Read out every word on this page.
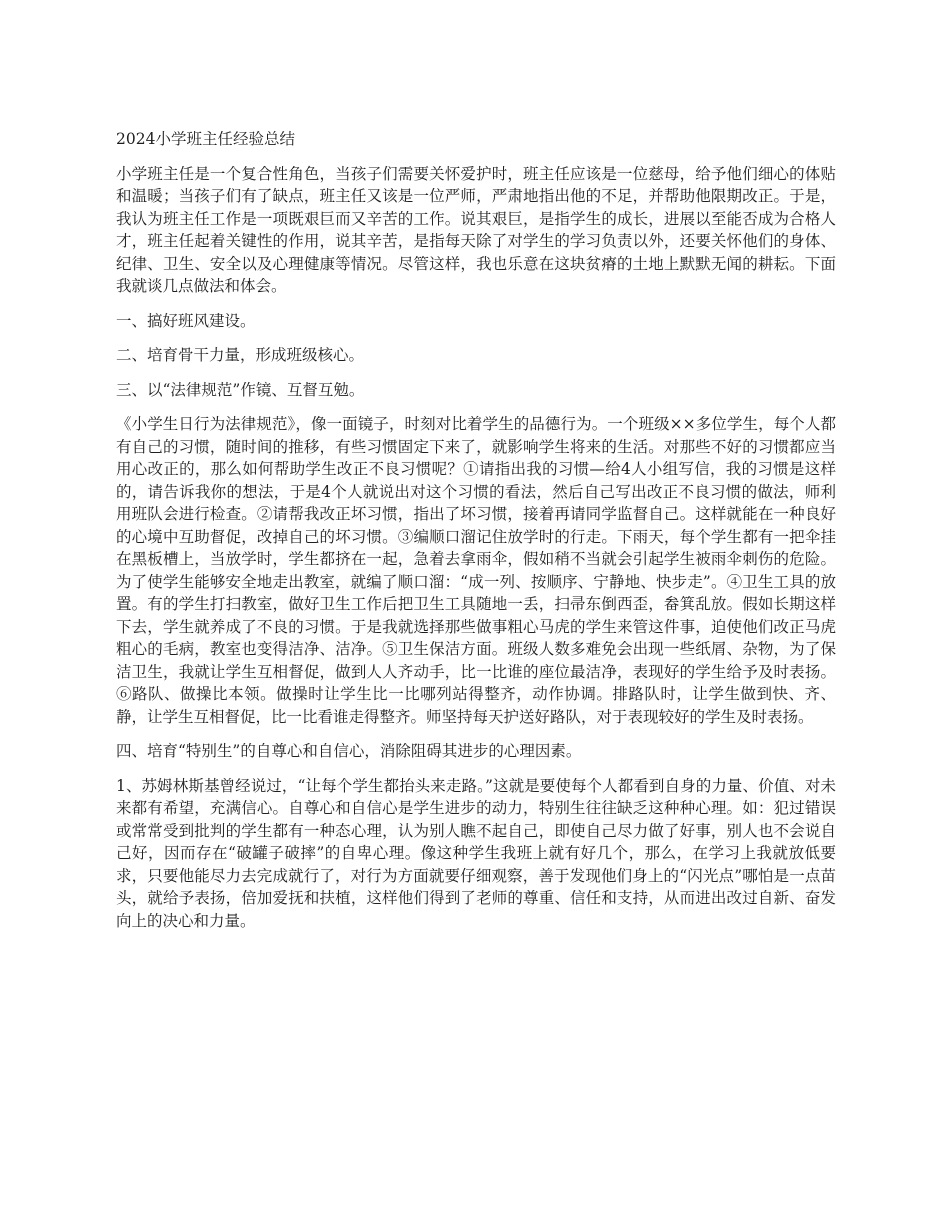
2024小学班主任经验总结

小学班主任是一个复合性角色，当孩子们需要关怀爱护时，班主任应该是一位慈母，给予他们细心的体贴和温暖；当孩子们有了缺点，班主任又该是一位严师，严肃地指出他的不足，并帮助他限期改正。于是，我认为班主任工作是一项既艰巨而又辛苦的工作。说其艰巨，是指学生的成长，进展以至能否成为合格人才，班主任起着关键性的作用，说其辛苦，是指每天除了对学生的学习负责以外，还要关怀他们的身体、纪律、卫生、安全以及心理健康等情况。尽管这样，我也乐意在这块贫瘠的土地上默默无闻的耕耘。下面我就谈几点做法和体会。

一、搞好班风建设。

二、培育骨干力量，形成班级核心。

三、以“法律规范”作镜、互督互勉。

《小学生日行为法律规范》，像一面镜子，时刻对比着学生的品德行为。一个班级××多位学生，每个人都有自己的习惯，随时间的推移，有些习惯固定下来了，就影响学生将来的生活。对那些不好的习惯都应当用心改正的，那么如何帮助学生改正不良习惯呢？①请指出我的习惯—给4人小组写信，我的习惯是这样的，请告诉我你的想法，于是4个人就说出对这个习惯的看法，然后自己写出改正不良习惯的做法，师利用班队会进行检查。②请帮我改正坏习惯，指出了坏习惯，接着再请同学监督自己。这样就能在一种良好的心境中互助督促，改掉自己的坏习惯。③编顺口溜记住放学时的行走。下雨天，每个学生都有一把伞挂在黑板槽上，当放学时，学生都挤在一起，急着去拿雨伞，假如稍不当就会引起学生被雨伞刺伤的危险。为了使学生能够安全地走出教室，就编了顺口溜：“成一列、按顺序、宁静地、快步走”。④卫生工具的放置。有的学生打扫教室，做好卫生工作后把卫生工具随地一丢，扫帚东倒西歪，畚箕乱放。假如长期这样下去，学生就养成了不良的习惯。于是我就选择那些做事粗心马虎的学生来管这件事，迫使他们改正马虎粗心的毛病，教室也变得洁净、洁净。⑤卫生保洁方面。班级人数多难免会出现一些纸屑、杂物，为了保洁卫生，我就让学生互相督促，做到人人齐动手，比一比谁的座位最洁净，表现好的学生给予及时表扬。⑥路队、做操比本领。做操时让学生比一比哪列站得整齐，动作协调。排路队时，让学生做到快、齐、静，让学生互相督促，比一比看谁走得整齐。师坚持每天护送好路队，对于表现较好的学生及时表扬。

四、培育“特别生”的自尊心和自信心，消除阻碍其进步的心理因素。

1、苏姆林斯基曾经说过，“让每个学生都抬头来走路。”这就是要使每个人都看到自身的力量、价值、对未来都有希望，充满信心。自尊心和自信心是学生进步的动力，特别生往往缺乏这种种心理。如：犯过错误或常常受到批判的学生都有一种态心理，认为别人瞧不起自己，即使自己尽力做了好事，别人也不会说自己好，因而存在“破罐子破摔”的自卑心理。像这种学生我班上就有好几个，那么，在学习上我就放低要求，只要他能尽力去完成就行了，对行为方面就要仔细观察，善于发现他们身上的“闪光点”哪怕是一点苗头，就给予表扬，倍加爱抚和扶植，这样他们得到了老师的尊重、信任和支持，从而进出改过自新、奋发向上的决心和力量。
